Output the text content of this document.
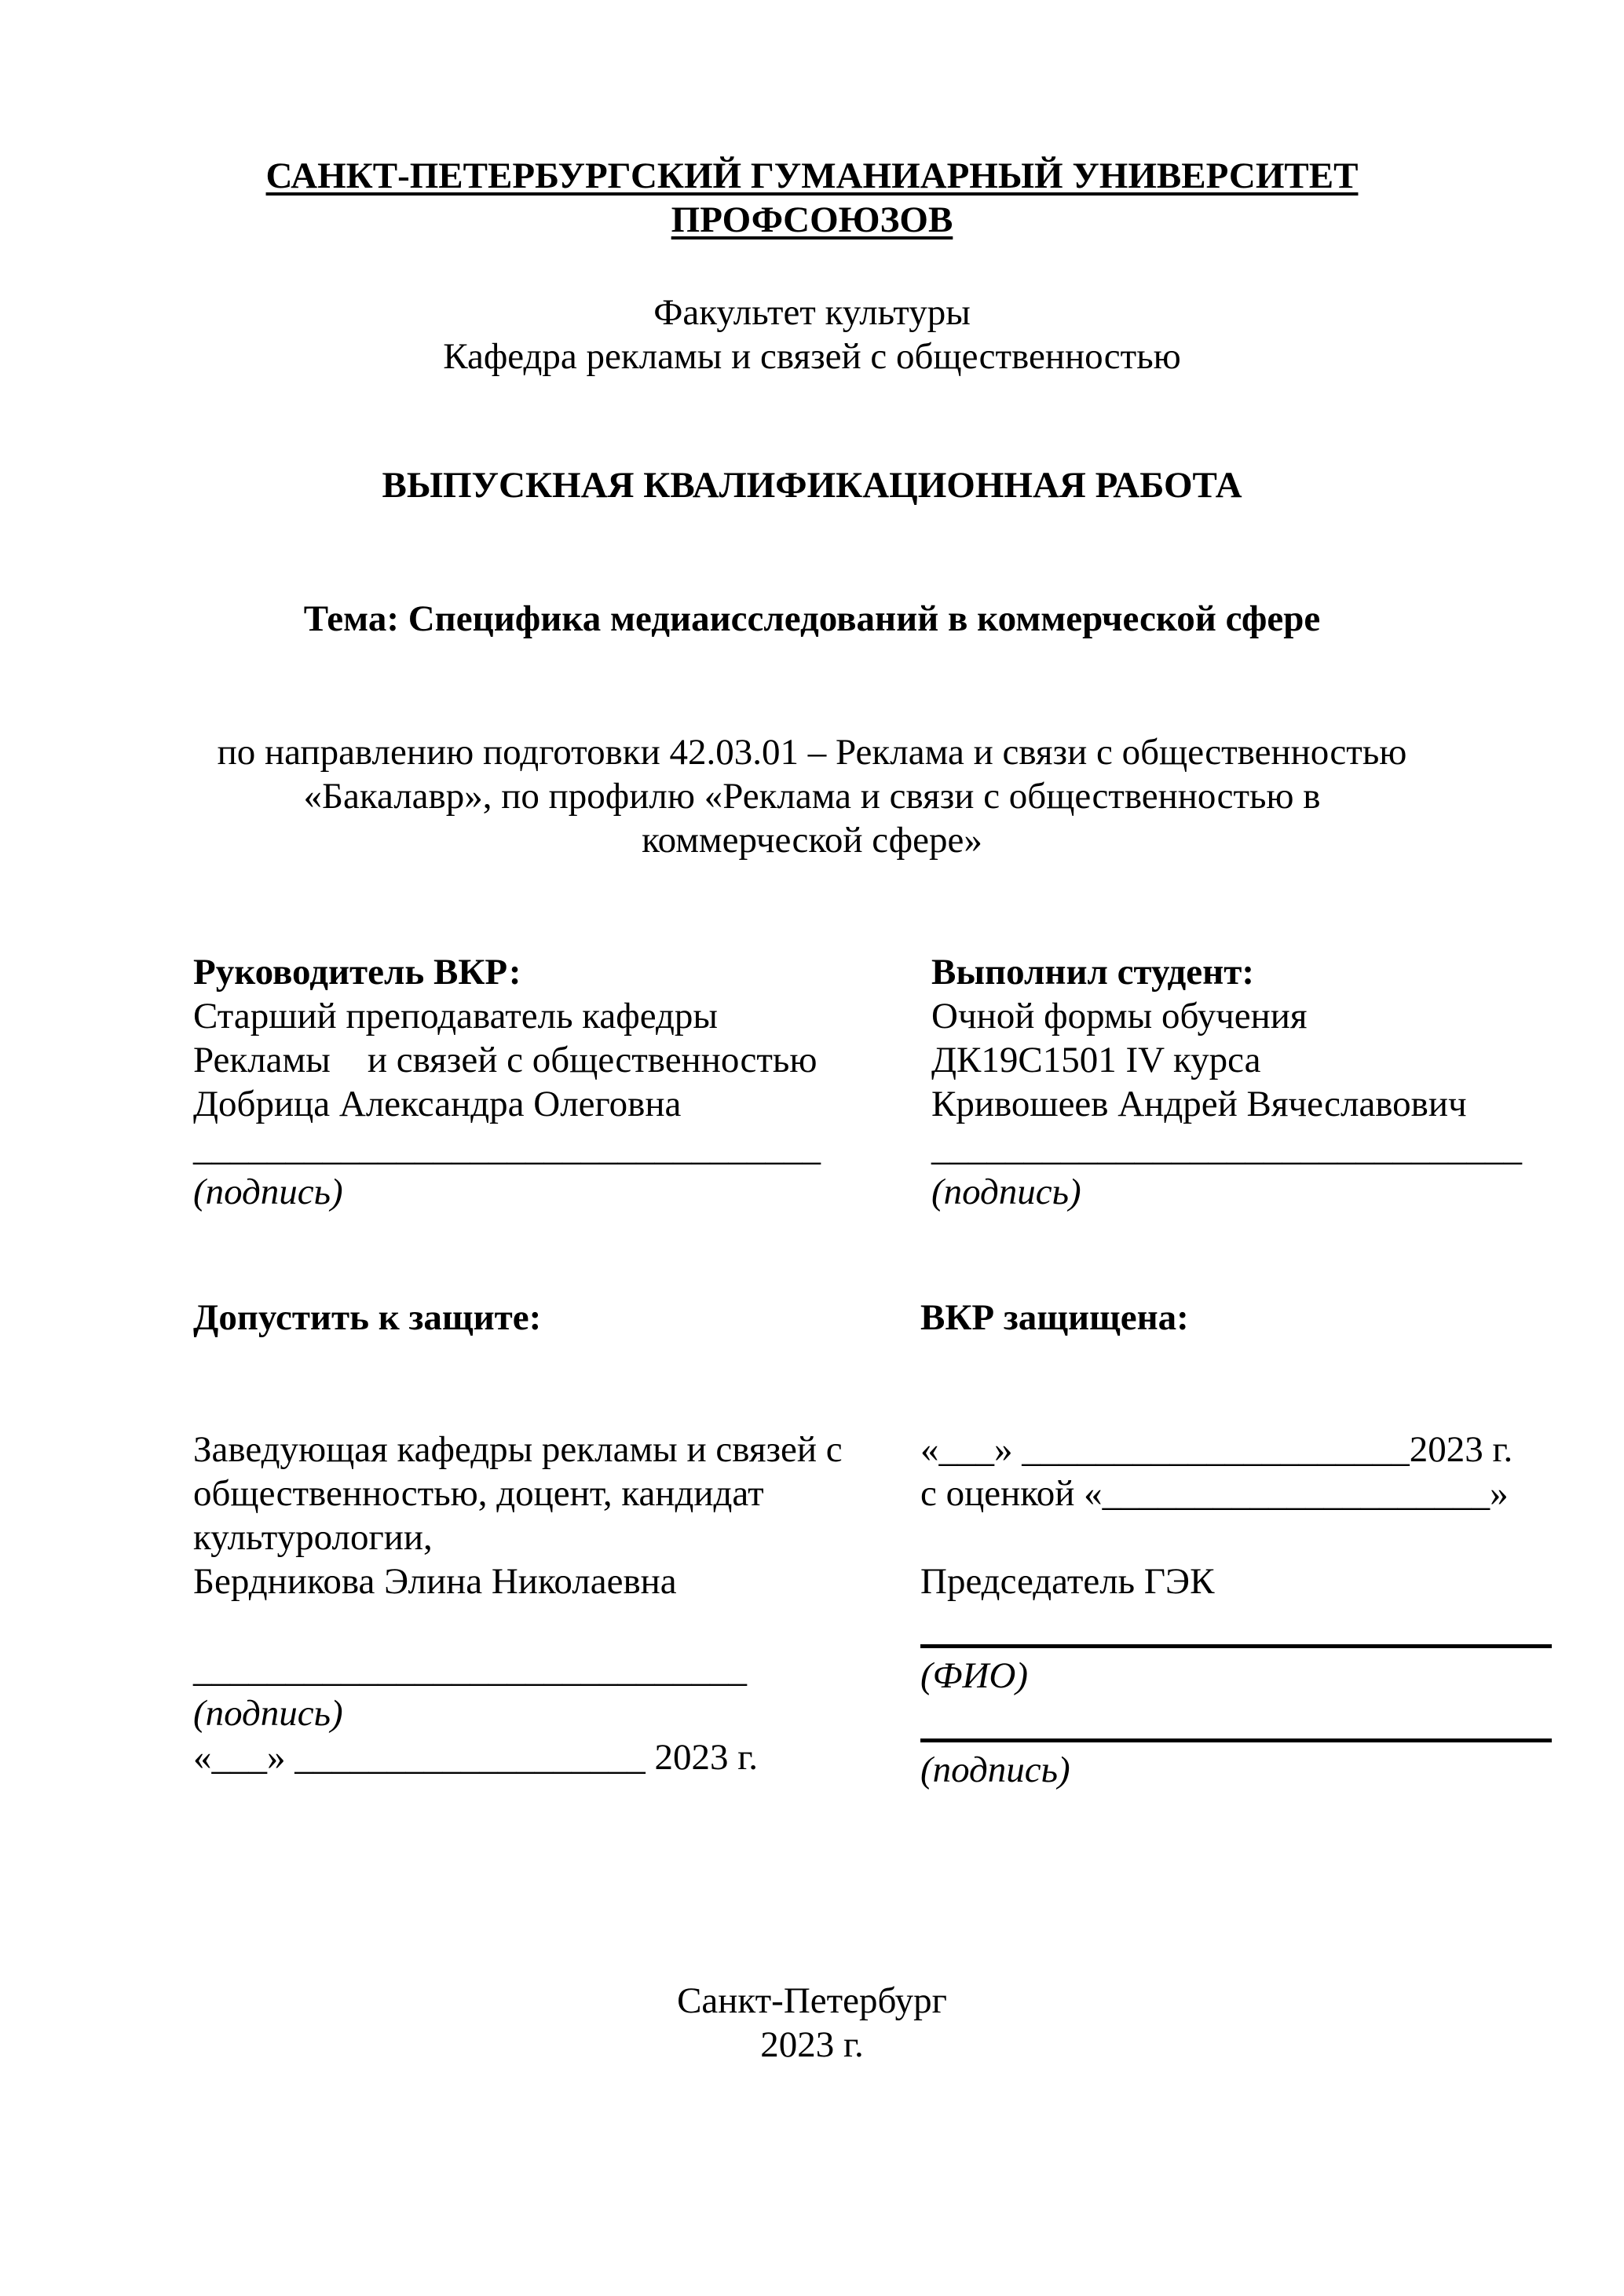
САНКТ-ПЕТЕРБУРГСКИЙ ГУМАНИАРНЫЙ УНИВЕРСИТЕТ
ПРОФСОЮЗОВ
Факультет культуры
Кафедра рекламы и связей с общественностью
ВЫПУСКНАЯ КВАЛИФИКАЦИОННАЯ РАБОТА
Тема: Специфика медиаисследований в коммерческой сфере
по направлению подготовки 42.03.01 – Реклама и связи с общественностью
«Бакалавр», по профилю «Реклама и связи с общественностью в
коммерческой сфере»
Руководитель ВКР:
Старший преподаватель кафедры
Рекламы    и связей с общественностью
Добрица Александра Олеговна
__________________________________
(подпись)
Выполнил студент:
Очной формы обучения
ДК19С1501 IV курса
Кривошеев Андрей Вячеславович
________________________________
(подпись)
Допустить к защите:
Заведующая кафедры рекламы и связей с
общественностью, доцент, кандидат
культурологии,
Бердникова Элина Николаевна
______________________________
(подпись)
«___» ___________________ 2023 г.
ВКР защищена:
«___» _____________________2023 г.
с оценкой «_____________________»
Председатель ГЭК
(ФИО)
(подпись)
Санкт-Петербург
2023 г.
